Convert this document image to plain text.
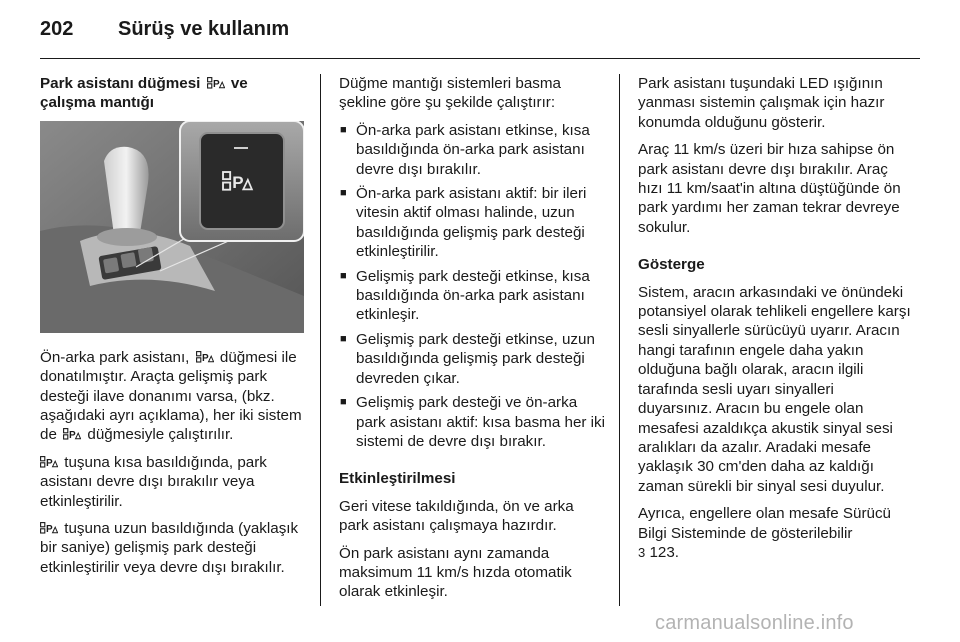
202	Sürüş ve kullanım

Park asistanı düğmesi ve çalışma mantığı

P

Ön-arka park asistanı, düğmesi ile donatılmıştır. Araçta gelişmiş park desteği ilave donanımı varsa, (bkz. aşağıdaki ayrı açıklama), her iki sistem de düğmesiyle çalıştırılır.

tuşuna kısa basıldığında, park asistanı devre dışı bırakılır veya etkinleştirilir.

tuşuna uzun basıldığında (yaklaşık bir saniye) gelişmiş park desteği etkinleştirilir veya devre dışı bırakılır.

Düğme mantığı sistemleri basma şekline göre şu şekilde çalıştırır:

■ Ön-arka park asistanı etkinse, kısa basıldığında ön-arka park asistanı devre dışı bırakılır.
■ Ön-arka park asistanı aktif: bir ileri vitesin aktif olması halinde, uzun basıldığında gelişmiş park desteği etkinleştirilir.
■ Gelişmiş park desteği etkinse, kısa basıldığında ön-arka park asistanı etkinleşir.
■ Gelişmiş park desteği etkinse, uzun basıldığında gelişmiş park desteği devreden çıkar.
■ Gelişmiş park desteği ve ön-arka park asistanı aktif: kısa basma her iki sistemi de devre dışı bırakır.

Etkinleştirilmesi

Geri vitese takıldığında, ön ve arka park asistanı çalışmaya hazırdır.

Ön park asistanı aynı zamanda maksimum 11 km/s hızda otomatik olarak etkinleşir.

Park asistanı tuşundaki LED ışığının yanması sistemin çalışmak için hazır konumda olduğunu gösterir.

Araç 11 km/s üzeri bir hıza sahipse ön park asistanı devre dışı bırakılır. Araç hızı 11 km/saat'in altına düştüğünde ön park yardımı her zaman tekrar devreye sokulur.

Gösterge

Sistem, aracın arkasındaki ve önündeki potansiyel olarak tehlikeli engellere karşı sesli sinyallerle sürücüyü uyarır. Aracın hangi tarafının engele daha yakın olduğuna bağlı olarak, aracın ilgili tarafında sesli uyarı sinyalleri duyarsınız. Aracın bu engele olan mesafesi azaldıkça akustik sinyal sesi aralıkları da azalır. Aradaki mesafe yaklaşık 30 cm'den daha az kaldığı zaman sürekli bir sinyal sesi duyulur.

Ayrıca, engellere olan mesafe Sürücü Bilgi Sisteminde de gösterilebilir
3 123.

carmanualsonline.info
